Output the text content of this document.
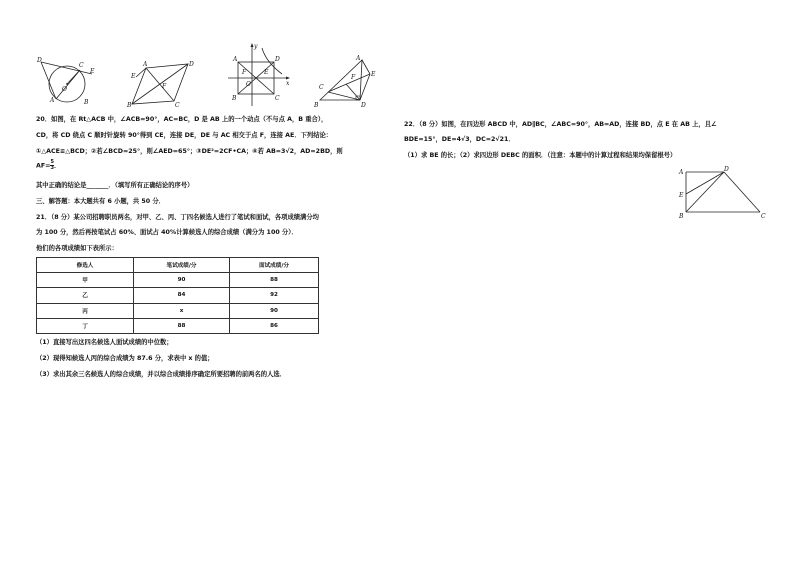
D
C
E
O
A	B
E
A	D
F
B	C
y
A	D
F	E
x
B
O
C
A
F	E
C
D
B
A	D
E
B	C
20．如图，在 Rt△ACB 中，∠ACB=90°，AC=BC，D 是 AB 上的一个动点（不与点 A，B 重合），
CD，将 CD 绕点 C 顺时针旋转 90°得到 CE，连接 DE，DE 与 AC 相交于点 F，连接 AE．下列结论：
①△ACE≌△BCD；②若∠BCD=25°，则∠AED=65°；③DE²=2CF•CA；④若 AB=3√2，AD=2BD，则
$AF= \frac{5}{3}$ ．
其中正确的结论是_______．（填写所有正确结论的序号）
三、解答题：本大题共有 6 小题，共 50 分．
21．（8 分）某公司招聘职员两名，对甲、乙、丙、丁四名候选人进行了笔试和面试，各项成绩满分均
为 100 分，然后再按笔试占 60%、面试占 40%计算候选人的综合成绩（满分为 100 分）．
他们的各项成绩如下表所示：
修选人	笔试成绩/分	面试成绩/分
甲	90	88
乙	84	92
丙	x	90
丁	88	86
（1）直接写出这四名候选人面试成绩的中位数；
（2）现得知候选人丙的综合成绩为 87.6 分，求表中 x 的值；
（3）求出其余三名候选人的综合成绩，并以综合成绩排序确定所要招聘的前两名的人选．
22．（8 分）如图，在四边形 ABCD 中，AD∥BC，∠ABC=90°，AB=AD，连接 BD，点 E 在 AB 上，且∠
BDE=15°，DE=4√3，DC=2√21．
（1）求 BE 的长；（2）求四边形 DEBC 的面积．（注意：本题中的计算过程和结果均保留根号）
